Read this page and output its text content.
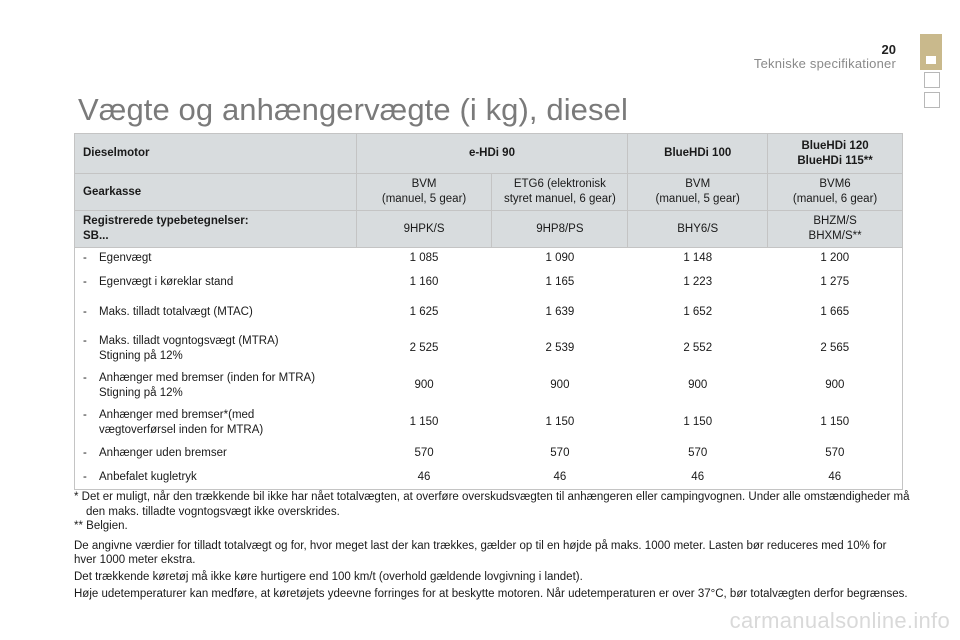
20
Tekniske specifikationer
Vægte og anhængervægte (i kg), diesel
Dieselmotor	e-HDi 90		BlueHDi 100	BlueHDi 120
BlueHDi 115**
Gearkasse	BVM
(manuel, 5 gear)	ETG6 (elektronisk
styret manuel, 6 gear)	BVM
(manuel, 5 gear)	BVM6
(manuel, 6 gear)
Registrerede typebetegnelser:
SB...	9HPK/S	9HP8/PS	BHY6/S	BHZM/S
BHXM/S**
- Egenvægt	1 085	1 090	1 148	1 200
- Egenvægt i køreklar stand	1 160	1 165	1 223	1 275
- Maks. tilladt totalvægt (MTAC)	1 625	1 639	1 652	1 665
- Maks. tilladt vogntogsvægt (MTRA)
Stigning på 12%	2 525	2 539	2 552	2 565
- Anhænger med bremser (inden for MTRA)
Stigning på 12%	900	900	900	900
- Anhænger med bremser*(med
vægtoverførsel inden for MTRA)	1 150	1 150	1 150	1 150
- Anhænger uden bremser	570	570	570	570
- Anbefalet kugletryk	46	46	46	46
* Det er muligt, når den trækkende bil ikke har nået totalvægten, at overføre overskudsvægten til anhængeren eller campingvognen. Under alle omstændigheder må den maks. tilladte vogntogsvægt ikke overskrides.
** Belgien.
De angivne værdier for tilladt totalvægt og for, hvor meget last der kan trækkes, gælder op til en højde på maks. 1000 meter. Lasten bør reduceres med 10% for hver 1000 meter ekstra.
Det trækkende køretøj må ikke køre hurtigere end 100 km/t (overhold gældende lovgivning i landet).
Høje udetemperaturer kan medføre, at køretøjets ydeevne forringes for at beskytte motoren. Når udetemperaturen er over 37°C, bør totalvægten derfor begrænses.
carmanualsonline.info
